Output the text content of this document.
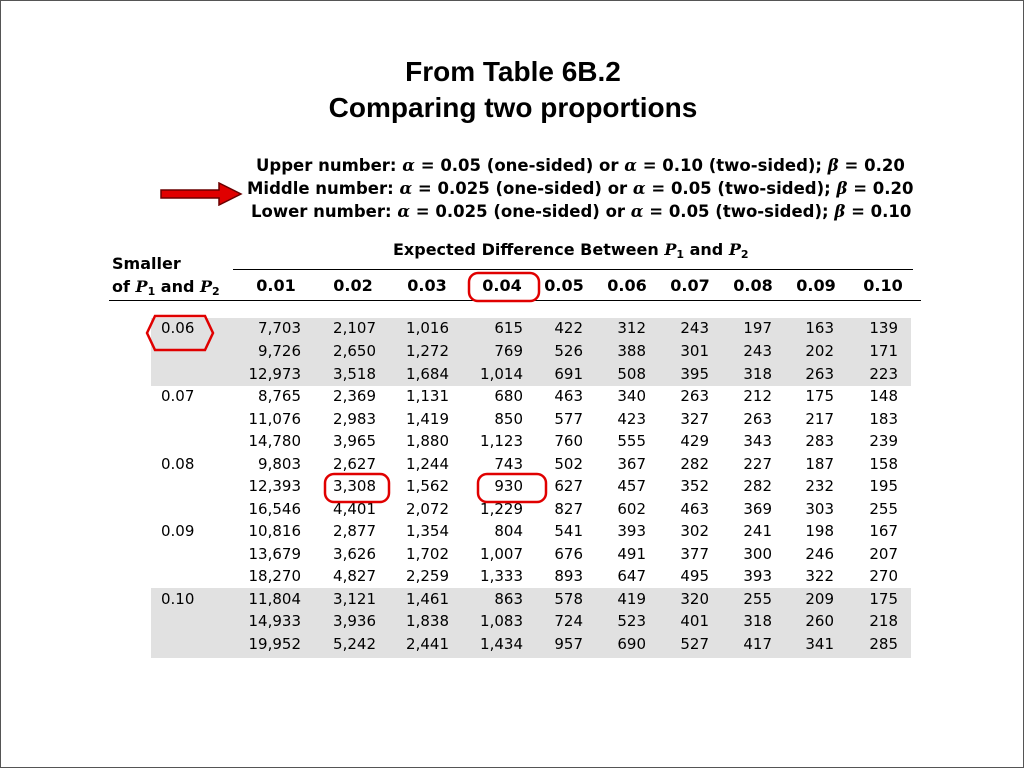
From Table 6B.2
Comparing two proportions
Upper number: α = 0.05 (one-sided) or α = 0.10 (two-sided); β = 0.20
Middle number: α = 0.025 (one-sided) or α = 0.05 (two-sided); β = 0.20
Lower number: α = 0.025 (one-sided) or α = 0.05 (two-sided); β = 0.10
Smaller
of $P_1$ and $P_2$
Expected Difference Between $P_1$ and $P_2$
0.01	0.02	0.03	0.04	0.05	0.06	0.07	0.08	0.09	0.10
0.06	7,703	2,107	1,016	615	422	312	243	197	163	139
9,726	2,650	1,272	769	526	388	301	243	202	171
12,973	3,518	1,684	1,014	691	508	395	318	263	223
0.07	8,765	2,369	1,131	680	463	340	263	212	175	148
11,076	2,983	1,419	850	577	423	327	263	217	183
14,780	3,965	1,880	1,123	760	555	429	343	283	239
0.08	9,803	2,627	1,244	743	502	367	282	227	187	158
12,393	3,308	1,562	930	627	457	352	282	232	195
16,546	4,401	2,072	1,229	827	602	463	369	303	255
0.09	10,816	2,877	1,354	804	541	393	302	241	198	167
13,679	3,626	1,702	1,007	676	491	377	300	246	207
18,270	4,827	2,259	1,333	893	647	495	393	322	270
0.10	11,804	3,121	1,461	863	578	419	320	255	209	175
14,933	3,936	1,838	1,083	724	523	401	318	260	218
19,952	5,242	2,441	1,434	957	690	527	417	341	285
